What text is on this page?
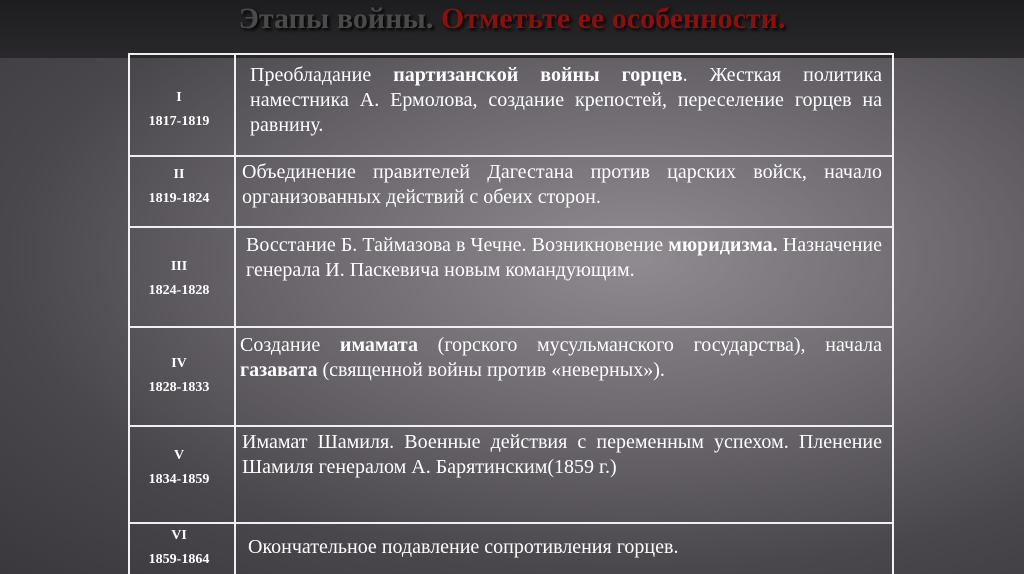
Этапы войны. Отметьте ее особенности.
I
1817-1819
Преобладание партизанской войны горцев. Жесткая политика наместника А. Ермолова, создание крепостей, переселение горцев на равнину.
II
1819-1824
Объединение правителей Дагестана против царских войск, начало организованных действий с обеих сторон.
III
1824-1828
Восстание Б. Таймазова в Чечне. Возникновение мюридизма. Назначение генерала И. Паскевича новым командующим.
IV
1828-1833
Создание имамата (горского мусульманского государства), начала газавата (священной войны против «неверных»).
V
1834-1859
Имамат Шамиля. Военные действия с переменным успехом. Пленение Шамиля генералом А. Барятинским(1859 г.)
VI
1859-1864
Окончательное подавление сопротивления горцев.
